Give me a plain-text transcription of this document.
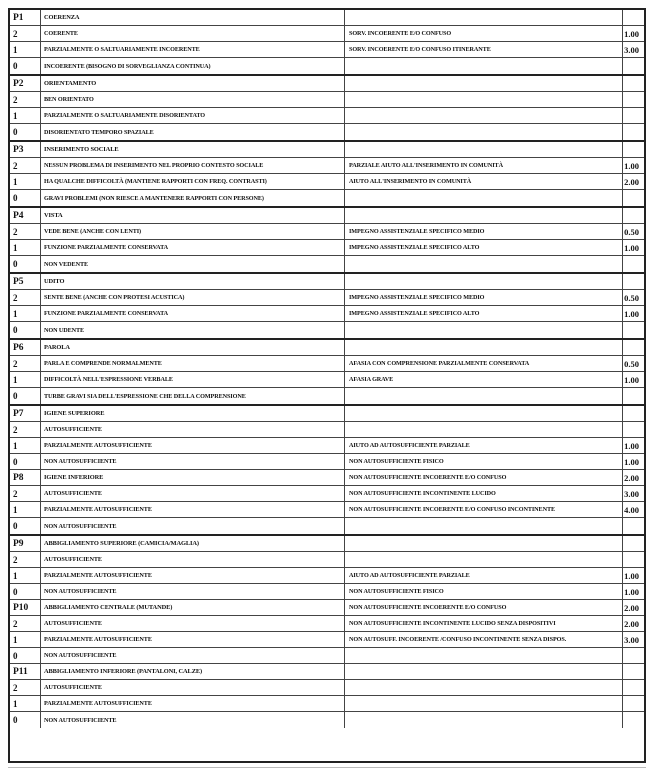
P1	COERENZA
2	COERENTE	SORV. INCOERENTE E/O CONFUSO	1.00
1	PARZIALMENTE O SALTUARIAMENTE INCOERENTE	SORV. INCOERENTE E/O CONFUSO ITINERANTE	3.00
0	INCOERENTE (BISOGNO DI SORVEGLIANZA CONTINUA)
P2	ORIENTAMENTO
2	BEN ORIENTATO
1	PARZIALMENTE O SALTUARIAMENTE DISORIENTATO
0	DISORIENTATO TEMPORO SPAZIALE
P3	INSERIMENTO SOCIALE
2	NESSUN PROBLEMA DI INSERIMENTO NEL PROPRIO CONTESTO SOCIALE	PARZIALE AIUTO ALL'INSERIMENTO IN COMUNITÀ	1.00
1	HA QUALCHE DIFFICOLTÀ (MANTIENE RAPPORTI CON FREQ. CONTRASTI)	AIUTO ALL'INSERIMENTO IN COMUNITÀ	2.00
0	GRAVI PROBLEMI (NON RIESCE A MANTENERE RAPPORTI CON PERSONE)
P4	VISTA
2	VEDE BENE (ANCHE CON LENTI)	IMPEGNO ASSISTENZIALE SPECIFICO MEDIO	0.50
1	FUNZIONE PARZIALMENTE CONSERVATA	IMPEGNO ASSISTENZIALE SPECIFICO ALTO	1.00
0	NON VEDENTE
P5	UDITO
2	SENTE BENE (ANCHE CON PROTESI ACUSTICA)	IMPEGNO ASSISTENZIALE SPECIFICO MEDIO	0.50
1	FUNZIONE PARZIALMENTE CONSERVATA	IMPEGNO ASSISTENZIALE SPECIFICO ALTO	1.00
0	NON UDENTE
P6	PAROLA
2	PARLA E COMPRENDE NORMALMENTE	AFASIA CON COMPRENSIONE PARZIALMENTE CONSERVATA	0.50
1	DIFFICOLTÀ NELL'ESPRESSIONE VERBALE	AFASIA GRAVE	1.00
0	TURBE GRAVI SIA DELL'ESPRESSIONE CHE DELLA COMPRENSIONE
P7	IGIENE SUPERIORE
2	AUTOSUFFICIENTE
1	PARZIALMENTE AUTOSUFFICIENTE	AIUTO AD AUTOSUFFICIENTE PARZIALE	1.00
0	NON AUTOSUFFICIENTE	NON AUTOSUFFICIENTE FISICO	1.00
P8	IGIENE INFERIORE	NON AUTOSUFFICIENTE INCOERENTE E/O CONFUSO	2.00
2	AUTOSUFFICIENTE	NON AUTOSUFFICIENTE INCONTINENTE LUCIDO	3.00
1	PARZIALMENTE AUTOSUFFICIENTE	NON AUTOSUFFICIENTE INCOERENTE E/O CONFUSO INCONTINENTE	4.00
0	NON AUTOSUFFICIENTE
P9	ABBIGLIAMENTO SUPERIORE (CAMICIA/MAGLIA)
2	AUTOSUFFICIENTE
1	PARZIALMENTE AUTOSUFFICIENTE	AIUTO AD AUTOSUFFICIENTE PARZIALE	1.00
0	NON AUTOSUFFICIENTE	NON AUTOSUFFICIENTE FISICO	1.00
P10	ABBIGLIAMENTO CENTRALE (MUTANDE)	NON AUTOSUFFICIENTE INCOERENTE E/O CONFUSO	2.00
2	AUTOSUFFICIENTE	NON AUTOSUFFICIENTE INCONTINENTE LUCIDO SENZA DISPOSITIVI	2.00
1	PARZIALMENTE AUTOSUFFICIENTE	NON AUTOSUFF. INCOERENTE /CONFUSO INCONTINENTE SENZA DISPOS.	3.00
0	NON AUTOSUFFICIENTE
P11	ABBIGLIAMENTO INFERIORE (PANTALONI, CALZE)
2	AUTOSUFFICIENTE
1	PARZIALMENTE AUTOSUFFICIENTE
0	NON AUTOSUFFICIENTE
